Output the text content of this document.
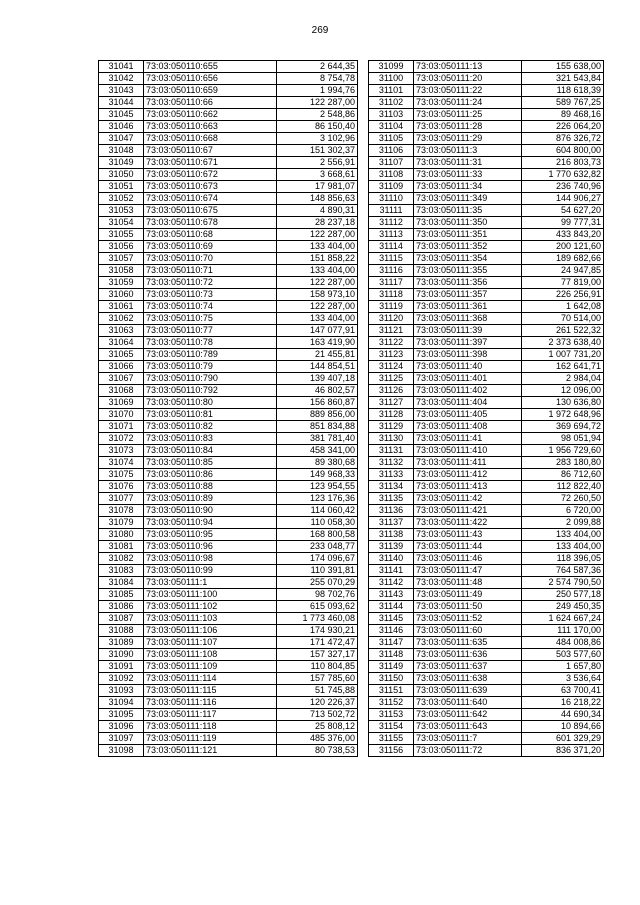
269
31041	73:03:050110:655	2 644,35
31042	73:03:050110:656	8 754,78
31043	73:03:050110:659	1 994,76
31044	73:03:050110:66	122 287,00
31045	73:03:050110:662	2 548,86
31046	73:03:050110:663	86 150,40
31047	73:03:050110:668	3 102,96
31048	73:03:050110:67	151 302,37
31049	73:03:050110:671	2 556,91
31050	73:03:050110:672	3 668,61
31051	73:03:050110:673	17 981,07
31052	73:03:050110:674	148 856,63
31053	73:03:050110:675	4 890,31
31054	73:03:050110:678	28 237,18
31055	73:03:050110:68	122 287,00
31056	73:03:050110:69	133 404,00
31057	73:03:050110:70	151 858,22
31058	73:03:050110:71	133 404,00
31059	73:03:050110:72	122 287,00
31060	73:03:050110:73	158 973,10
31061	73:03:050110:74	122 287,00
31062	73:03:050110:75	133 404,00
31063	73:03:050110:77	147 077,91
31064	73:03:050110:78	163 419,90
31065	73:03:050110:789	21 455,81
31066	73:03:050110:79	144 854,51
31067	73:03:050110:790	139 407,18
31068	73:03:050110:792	46 802,57
31069	73:03:050110:80	156 860,87
31070	73:03:050110:81	889 856,00
31071	73:03:050110:82	851 834,88
31072	73:03:050110:83	381 781,40
31073	73:03:050110:84	458 341,00
31074	73:03:050110:85	89 380,68
31075	73:03:050110:86	149 968,33
31076	73:03:050110:88	123 954,55
31077	73:03:050110:89	123 176,36
31078	73:03:050110:90	114 060,42
31079	73:03:050110:94	110 058,30
31080	73:03:050110:95	168 800,58
31081	73:03:050110:96	233 048,77
31082	73:03:050110:98	174 096,67
31083	73:03:050110:99	110 391,81
31084	73:03:050111:1	255 070,29
31085	73:03:050111:100	98 702,76
31086	73:03:050111:102	615 093,62
31087	73:03:050111:103	1 773 460,08
31088	73:03:050111:106	174 930,21
31089	73:03:050111:107	171 472,47
31090	73:03:050111:108	157 327,17
31091	73:03:050111:109	110 804,85
31092	73:03:050111:114	157 785,60
31093	73:03:050111:115	51 745,88
31094	73:03:050111:116	120 226,37
31095	73:03:050111:117	713 502,72
31096	73:03:050111:118	25 808,12
31097	73:03:050111:119	485 376,00
31098	73:03:050111:121	80 738,53
31099	73:03:050111:13	155 638,00
31100	73:03:050111:20	321 543,84
31101	73:03:050111:22	118 618,39
31102	73:03:050111:24	589 767,25
31103	73:03:050111:25	89 468,16
31104	73:03:050111:28	226 064,20
31105	73:03:050111:29	876 326,72
31106	73:03:050111:3	604 800,00
31107	73:03:050111:31	216 803,73
31108	73:03:050111:33	1 770 632,82
31109	73:03:050111:34	236 740,96
31110	73:03:050111:349	144 906,27
31111	73:03:050111:35	54 627,20
31112	73:03:050111:350	99 777,31
31113	73:03:050111:351	433 843,20
31114	73:03:050111:352	200 121,60
31115	73:03:050111:354	189 682,66
31116	73:03:050111:355	24 947,85
31117	73:03:050111:356	77 819,00
31118	73:03:050111:357	226 256,91
31119	73:03:050111:361	1 642,08
31120	73:03:050111:368	70 514,00
31121	73:03:050111:39	261 522,32
31122	73:03:050111:397	2 373 638,40
31123	73:03:050111:398	1 007 731,20
31124	73:03:050111:40	162 641,71
31125	73:03:050111:401	2 984,04
31126	73:03:050111:402	12 096,00
31127	73:03:050111:404	130 636,80
31128	73:03:050111:405	1 972 648,96
31129	73:03:050111:408	369 694,72
31130	73:03:050111:41	98 051,94
31131	73:03:050111:410	1 956 729,60
31132	73:03:050111:411	283 180,80
31133	73:03:050111:412	86 712,60
31134	73:03:050111:413	112 822,40
31135	73:03:050111:42	72 260,50
31136	73:03:050111:421	6 720,00
31137	73:03:050111:422	2 099,88
31138	73:03:050111:43	133 404,00
31139	73:03:050111:44	133 404,00
31140	73:03:050111:46	118 396,05
31141	73:03:050111:47	764 587,36
31142	73:03:050111:48	2 574 790,50
31143	73:03:050111:49	250 577,18
31144	73:03:050111:50	249 450,35
31145	73:03:050111:52	1 624 667,24
31146	73:03:050111:60	111 170,00
31147	73:03:050111:635	484 008,86
31148	73:03:050111:636	503 577,60
31149	73:03:050111:637	1 657,80
31150	73:03:050111:638	3 536,64
31151	73:03:050111:639	63 700,41
31152	73:03:050111:640	16 218,22
31153	73:03:050111:642	44 690,34
31154	73:03:050111:643	10 894,66
31155	73:03:050111:7	601 329,29
31156	73:03:050111:72	836 371,20
